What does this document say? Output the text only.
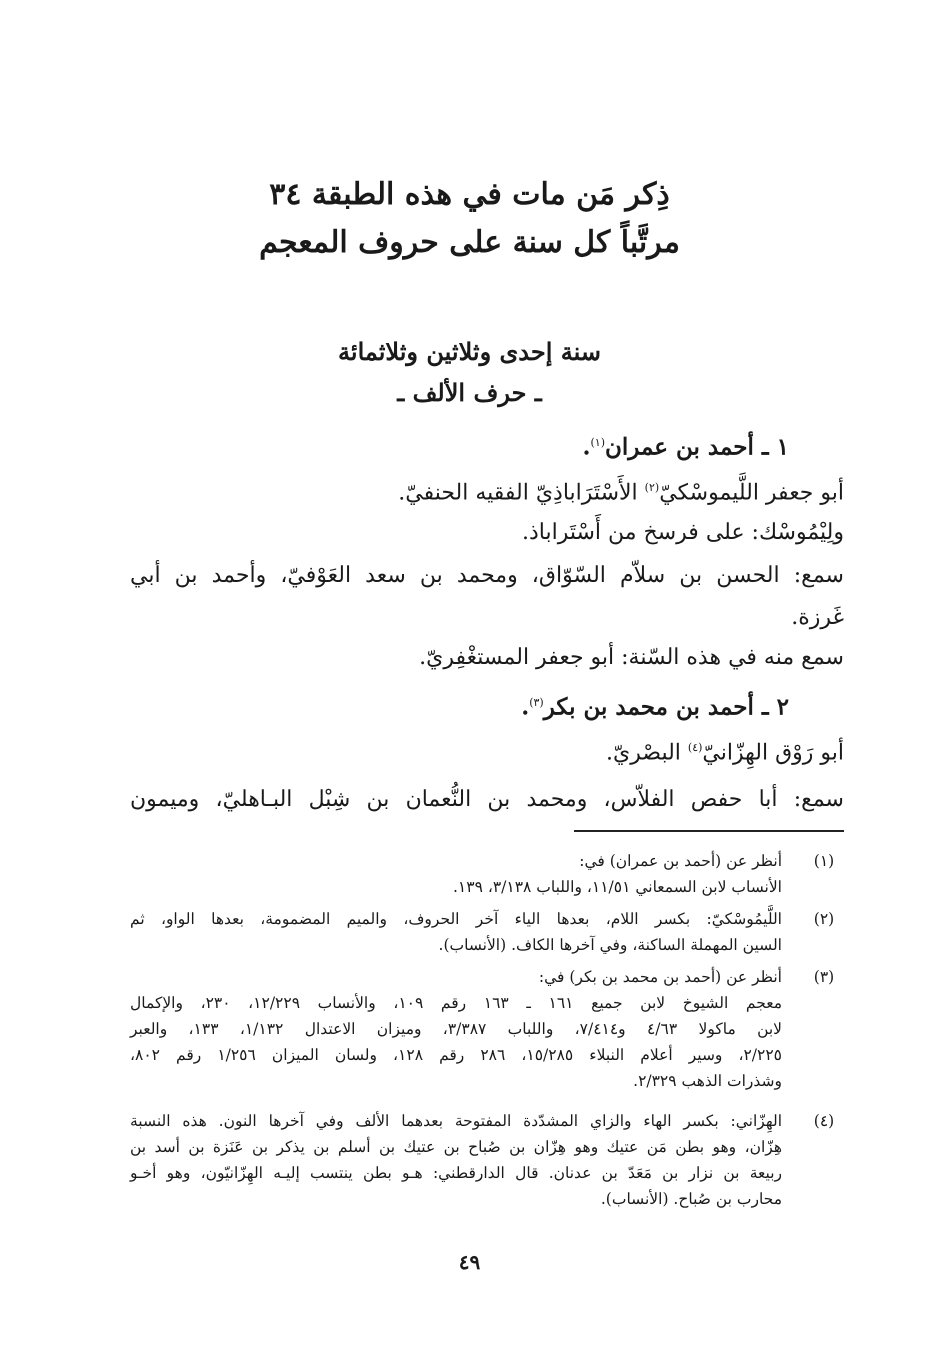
ذِكر مَن مات في هذه الطبقة ٣٤
مرتَّباً كل سنة على حروف المعجم
سنة إحدى وثلاثين وثلاثمائة
ـ حرف الألف ـ
١ ـ أحمد بن عمران$^{(١)}$.
أبو جعفر اللَّيموسْكيّ$^{(٢)}$ الأَسْتَرَاباذِيّ الفقيه الحنفيّ.
ولِيْمُوسْك: على فرسخ من أَسْتَراباذ.
سمع: الحسن بن سلاّم السّوّاق، ومحمد بن سعد العَوْفيّ، وأحمد بن أبي
غَرزة.
سمع منه في هذه السّنة: أبو جعفر المستغْفِريّ.
٢ ـ أحمد بن محمد بن بكر$^{(٣)}$.
أبو رَوْق الهِزّانيّ$^{(٤)}$ البصْريّ.
سمع: أبا حفص الفلاّس، ومحمد بن النُّعمان بن شِبْل البـاهليّ، وميمون
(١)
أنظر عن (أحمد بن عمران) في:
الأنساب لابن السمعاني ١١/٥١، واللباب ٣/١٣٨، ١٣٩.
(٢)
اللَّيمُوسْكيّ: بكسر اللام، بعدها الياء آخر الحروف، والميم المضمومة، بعدها الواو، ثم
السين المهملة الساكنة، وفي آخرها الكاف. (الأنساب).
(٣)
أنظر عن (أحمد بن محمد بن بكر) في:
معجم الشيوخ لابن جميع ١٦١ ـ ١٦٣ رقم ١٠٩، والأنساب ١٢/٢٢٩، ٢٣٠، والإكمال
لابن ماكولا ٤/٦٣ و٧/٤١٤، واللباب ٣/٣٨٧، وميزان الاعتدال ١/١٣٢، ١٣٣، والعبر
٢/٢٢٥، وسير أعلام النبلاء ١٥/٢٨٥، ٢٨٦ رقم ١٢٨، ولسان الميزان ١/٢٥٦ رقم ٨٠٢،
وشذرات الذهب ٢/٣٢٩.
(٤)
الهِزّاني: بكسر الهاء والزاي المشدّدة المفتوحة بعدهما الألف وفي آخرها النون. هذه النسبة
هِزّان، وهو بطن مَن عتيك وهو هِزّان بن صُباح بن عتيك بن أسلم بن يذكر بن عَنَزة بن أسد بن
ربيعة بن نزار بن مَعَدّ بن عدنان. قال الدارقطني: هـو بطن ينتسب إليـه الهِزّانيّون، وهو أخـو
محارب بن صُباح. (الأنساب).
٤٩
